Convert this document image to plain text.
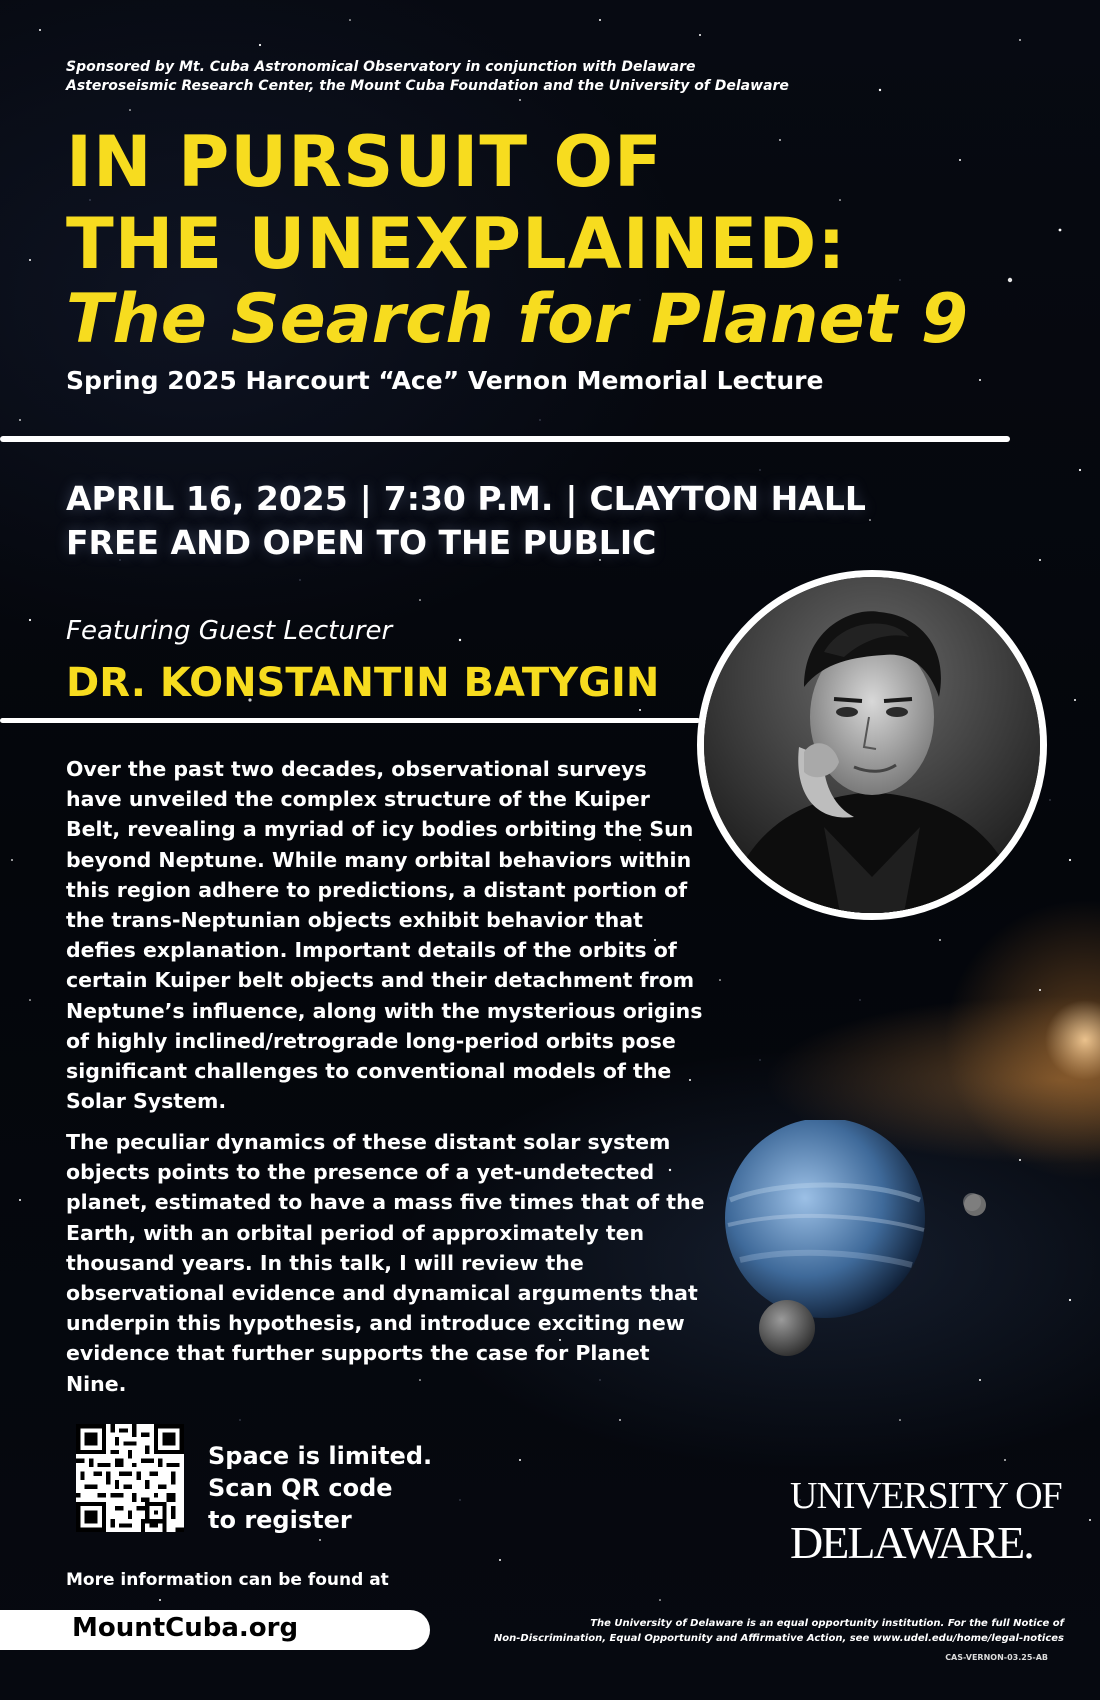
Sponsored by Mt. Cuba Astronomical Observatory in conjunction with Delaware
Asteroseismic Research Center, the Mount Cuba Foundation and the University of Delaware
IN PURSUIT OF
THE UNEXPLAINED:
The Search for Planet 9
Spring 2025 Harcourt “Ace” Vernon Memorial Lecture
APRIL 16, 2025 | 7:30 P.M. | CLAYTON HALL
FREE AND OPEN TO THE PUBLIC
Featuring Guest Lecturer
DR. KONSTANTIN BATYGIN
Over the past two decades, observational surveys have unveiled the complex structure of the Kuiper Belt, revealing a myriad of icy bodies orbiting the Sun beyond Neptune. While many orbital behaviors within this region adhere to predictions, a distant portion of the trans-Neptunian objects exhibit behavior that defies explanation. Important details of the orbits of certain Kuiper belt objects and their detachment from Neptune’s influence, along with the mysterious origins of highly inclined/retrograde long-period orbits pose significant challenges to conventional models of the Solar System.
The peculiar dynamics of these distant solar system objects points to the presence of a yet-undetected planet, estimated to have a mass five times that of the Earth, with an orbital period of approximately ten thousand years. In this talk, I will review the observational evidence and dynamical arguments that underpin this hypothesis, and introduce exciting new evidence that further supports the case for Planet Nine.
Space is limited.
Scan QR code
to register
More information can be found at
MountCuba.org
UNIVERSITY OF
DELAWARE.
The University of Delaware is an equal opportunity institution. For the full Notice of
Non-Discrimination, Equal Opportunity and Affirmative Action, see www.udel.edu/home/legal-notices
CAS-VERNON-03.25-AB
